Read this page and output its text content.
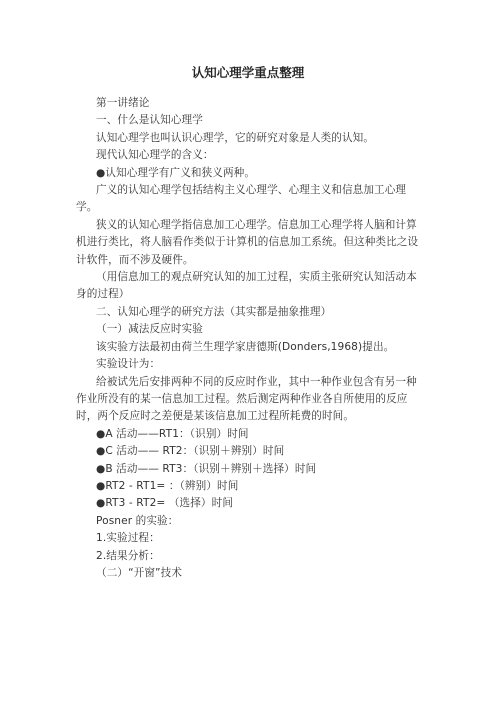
认知心理学重点整理

第一讲绪论

一、什么是认知心理学

认知心理学也叫认识心理学，它的研究对象是人类的认知。

现代认知心理学的含义：

●认知心理学有广义和狭义两种。

广义的认知心理学包括结构主义心理学、心理主义和信息加工心理学。

狭义的认知心理学指信息加工心理学。信息加工心理学将人脑和计算机进行类比，将人脑看作类似于计算机的信息加工系统。但这种类比之设计软件，而不涉及硬件。

（用信息加工的观点研究认知的加工过程，实质主张研究认知活动本身的过程）

二、认知心理学的研究方法（其实都是抽象推理）

（一）减法反应时实验

该实验方法最初由荷兰生理学家唐德斯(Donders,1968)提出。

实验设计为：

给被试先后安排两种不同的反应时作业，其中一种作业包含有另一种作业所没有的某一信息加工过程。然后测定两种作业各自所使用的反应时，两个反应时之差便是某该信息加工过程所耗费的时间。

●A 活动——RT1：（识别）时间

●C 活动—— RT2：（识别＋辨别）时间

●B 活动—— RT3：（识别＋辨别＋选择）时间

●RT2 - RT1= ：（辨别）时间

●RT3 - RT2= （选择）时间

Posner 的实验：

1.实验过程：

2.结果分析：

（二）“开窗”技术
